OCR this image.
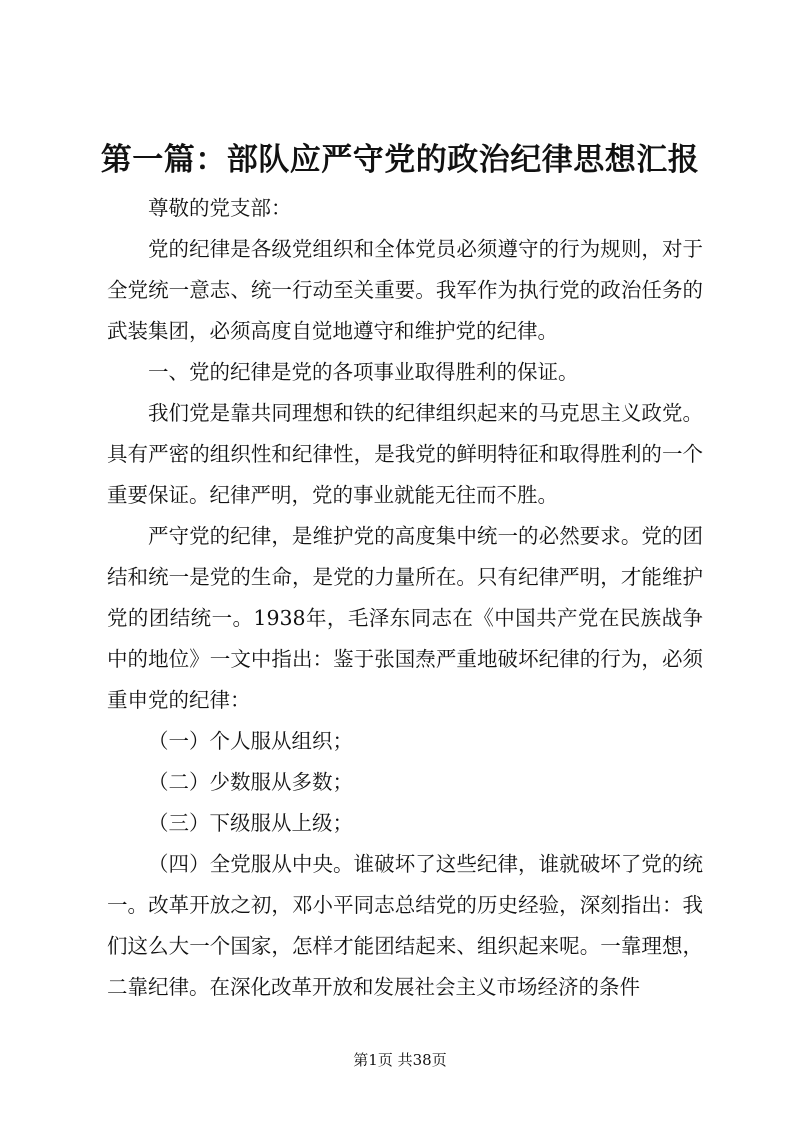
第一篇：部队应严守党的政治纪律思想汇报

尊敬的党支部：

党的纪律是各级党组织和全体党员必须遵守的行为规则，对于全党统一意志、统一行动至关重要。我军作为执行党的政治任务的武装集团，必须高度自觉地遵守和维护党的纪律。

一、党的纪律是党的各项事业取得胜利的保证。

我们党是靠共同理想和铁的纪律组织起来的马克思主义政党。具有严密的组织性和纪律性，是我党的鲜明特征和取得胜利的一个重要保证。纪律严明，党的事业就能无往而不胜。

严守党的纪律，是维护党的高度集中统一的必然要求。党的团结和统一是党的生命，是党的力量所在。只有纪律严明，才能维护党的团结统一。1938年，毛泽东同志在《中国共产党在民族战争中的地位》一文中指出：鉴于张国焘严重地破坏纪律的行为，必须重申党的纪律：

（一）个人服从组织；

（二）少数服从多数；

（三）下级服从上级；

（四）全党服从中央。谁破坏了这些纪律，谁就破坏了党的统一。改革开放之初，邓小平同志总结党的历史经验，深刻指出：我们这么大一个国家，怎样才能团结起来、组织起来呢。一靠理想，二靠纪律。在深化改革开放和发展社会主义市场经济的条件

第1页 共38页
